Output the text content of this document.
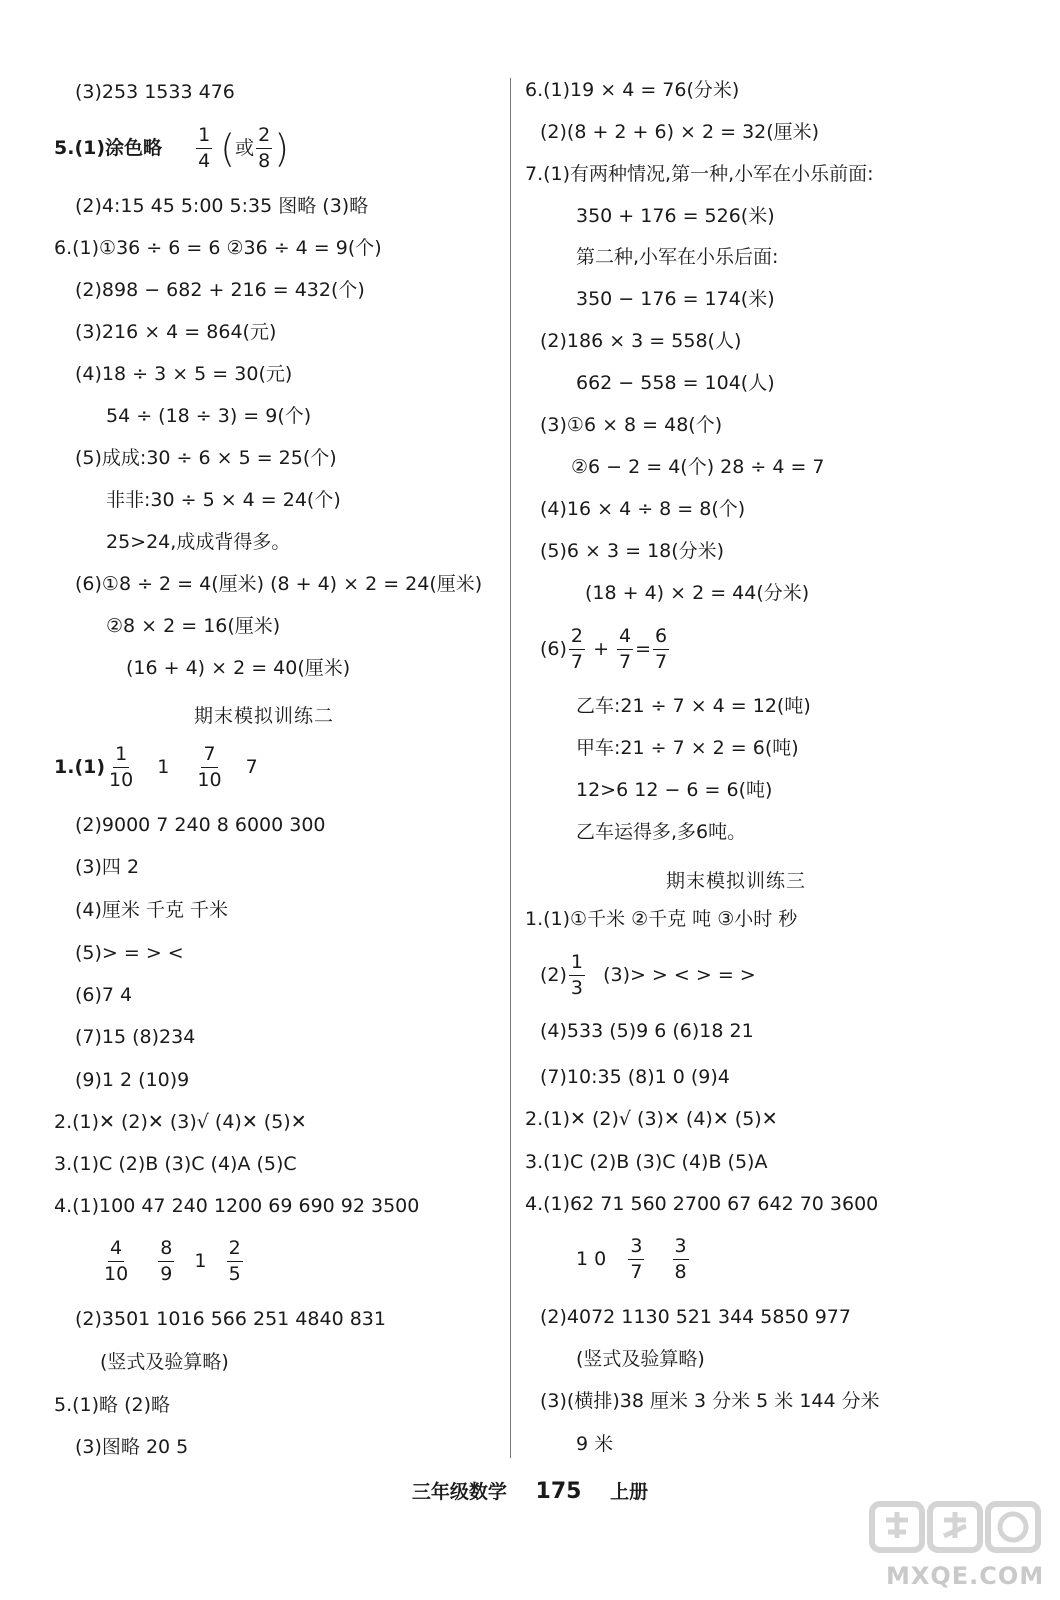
(3)253 1533 476
5.(1)涂色略 $\frac{1}{4}$ (或 $\frac{2}{8}$ )
(2)4:15 45 5:00 5:35 图略 (3)略
6.(1)①36 ÷ 6 = 6 ②36 ÷ 4 = 9(个)
(2)898 − 682 + 216 = 432(个)
(3)216 × 4 = 864(元)
(4)18 ÷ 3 × 5 = 30(元)
54 ÷ (18 ÷ 3) = 9(个)
(5)成成:30 ÷ 6 × 5 = 25(个)
非非:30 ÷ 5 × 4 = 24(个)
25>24,成成背得多。
(6)①8 ÷ 2 = 4(厘米) (8 + 4) × 2 = 24(厘米)
②8 × 2 = 16(厘米)
(16 + 4) × 2 = 40(厘米)
期末模拟训练二
$1.(1) \frac{1}{10} 1 \frac{7}{10} 7$
(2)9000 7 240 8 6000 300
(3)四 2
(4)厘米 千克 千米
(5)> = > <
(6)7 4
(7)15 (8)234
(9)1 2 (10)9
2.(1)✕ (2)✕ (3)√ (4)✕ (5)✕
3.(1)C (2)B (3)C (4)A (5)C
4.(1)100 47 240 1200 69 690 92 3500
$\frac{4}{10}$
$\frac{8}{9} 1 \frac{2}{5}$
(2)3501 1016 566 251 4840 831
(竖式及验算略)
5.(1)略 (2)略
(3)图略 20 5
6.(1)19 × 4 = 76(分米)
(2)(8 + 2 + 6) × 2 = 32(厘米)
7.(1)有两种情况,第一种,小军在小乐前面:
350 + 176 = 526(米)
第二种,小军在小乐后面:
350 − 176 = 174(米)
(2)186 × 3 = 558(人)
662 − 558 = 104(人)
(3)①6 × 8 = 48(个)
②6 − 2 = 4(个) 28 ÷ 4 = 7
(4)16 × 4 ÷ 8 = 8(个)
(5)6 × 3 = 18(分米)
(18 + 4) × 2 = 44(分米)
$(6) \frac{2}{7} + \frac{4}{7} = \frac{6}{7}$
乙车:21 ÷ 7 × 4 = 12(吨)
甲车:21 ÷ 7 × 2 = 6(吨)
12>6 12 − 6 = 6(吨)
乙车运得多,多6吨。
期末模拟训练三
1.(1)①千米 ②千克 吨 ③小时 秒
$(2) \frac{1}{3} (3)>$ > < > = >
(4)533 (5)9 6 (6)18 21
(7)10:35 (8)1 0 (9)4
2.(1)✕ (2)√ (3)✕ (4)✕ (5)✕
3.(1)C (2)B (3)C (4)B (5)A
4.(1)62 71 560 2700 67 642 70 3600
1 $0 \frac{3}{7}$
$\frac{3}{8}$
(2)4072 1130 521 344 5850 977
(竖式及验算略)
(3)(横排)38 厘米 3 分米 5 米 144 分米
9 米
三年级数学 175 上册
MXQE.COM
